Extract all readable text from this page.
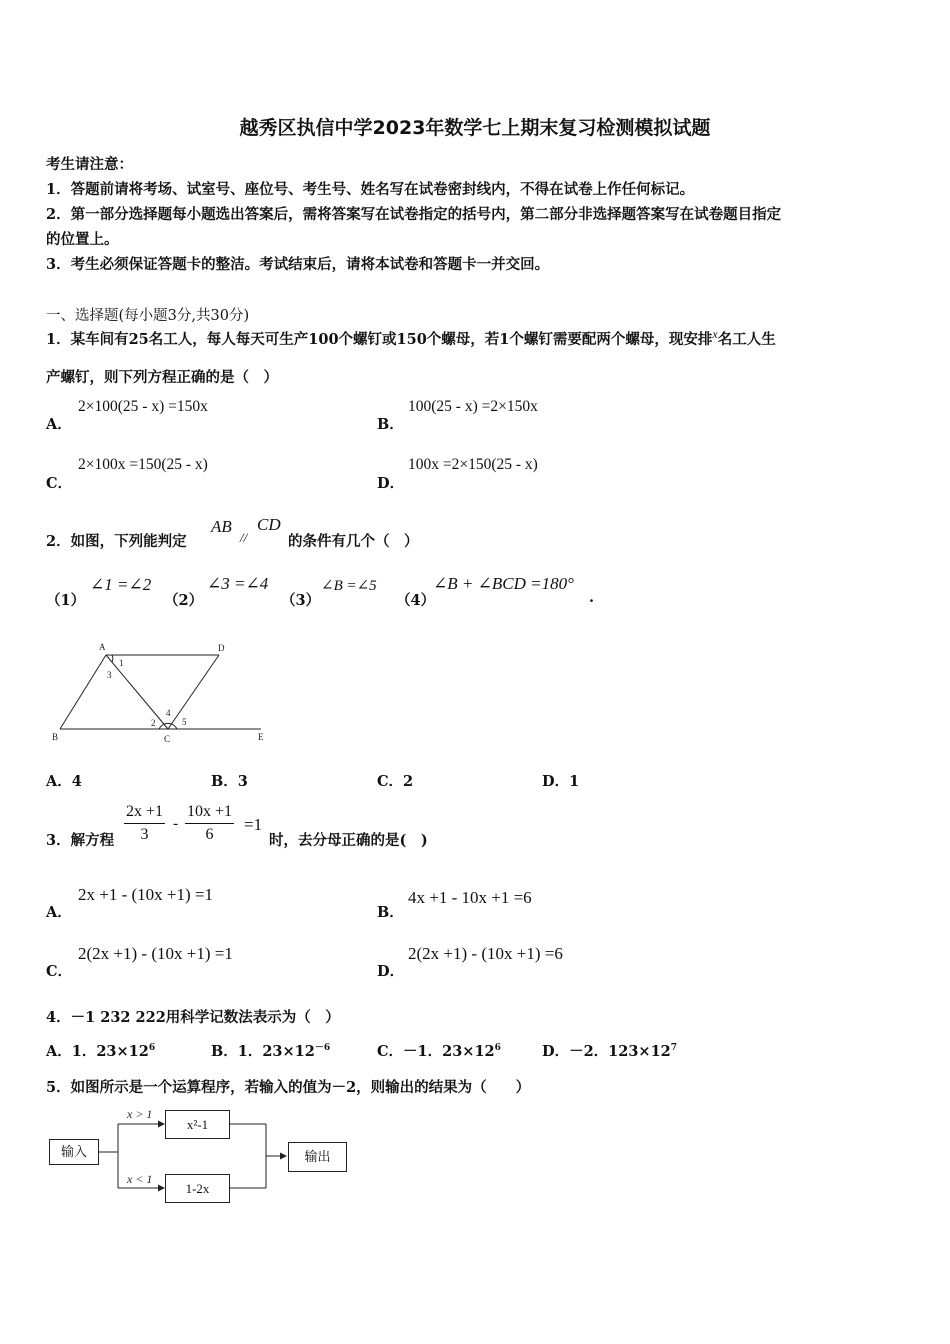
越秀区执信中学2023年数学七上期末复习检测模拟试题
考生请注意：
1．答题前请将考场、试室号、座位号、考生号、姓名写在试卷密封线内，不得在试卷上作任何标记。
2．第一部分选择题每小题选出答案后，需将答案写在试卷指定的括号内，第二部分非选择题答案写在试卷题目指定
的位置上。
3．考生必须保证答题卡的整洁。考试结束后，请将本试卷和答题卡一并交回。
一、选择题(每小题3分,共30分)
1．某车间有25名工人，每人每天可生产100个螺钉或150个螺母，若1个螺钉需要配两个螺母，现安排$^x$名工人生
产螺钉，则下列方程正确的是（　）
A．
2×100(25 - x) =150x
B．
100(25 - x) =2×150x
C．
2×100x =150(25 - x)
D．
100x =2×150(25 - x)
2．如图，下列能判定
AB
//
CD
的条件有几个（　）
（1）
∠1 =∠2
（2）
∠3 =∠4
（3）
∠B =∠5
（4）
∠B + ∠BCD =180°
.
A	D
B	C	E
1
2
3
4
5
A．4	B．3	C．2	D．1
3．解方程
2x +1
3
-
10x +1
6
=1
时，去分母正确的是(　)
A．
2x +1 - (10x +1) =1
B．
4x +1 - 10x +1 =6
C．
2(2x +1) - (10x +1) =1
D．
2(2x +1) - (10x +1) =6
4．－1 232 222用科学记数法表示为（　）
A．1．$23\times 12^6$	B．1．$23\times 12^{-6}$	C．－1．$23\times 12^6$	D．－2．$123\times 12^7$
5．如图所示是一个运算程序，若输入的值为－2，则输出的结果为（　　）
x > 1
x < 1
输入
x²-1
1-2x
输出
